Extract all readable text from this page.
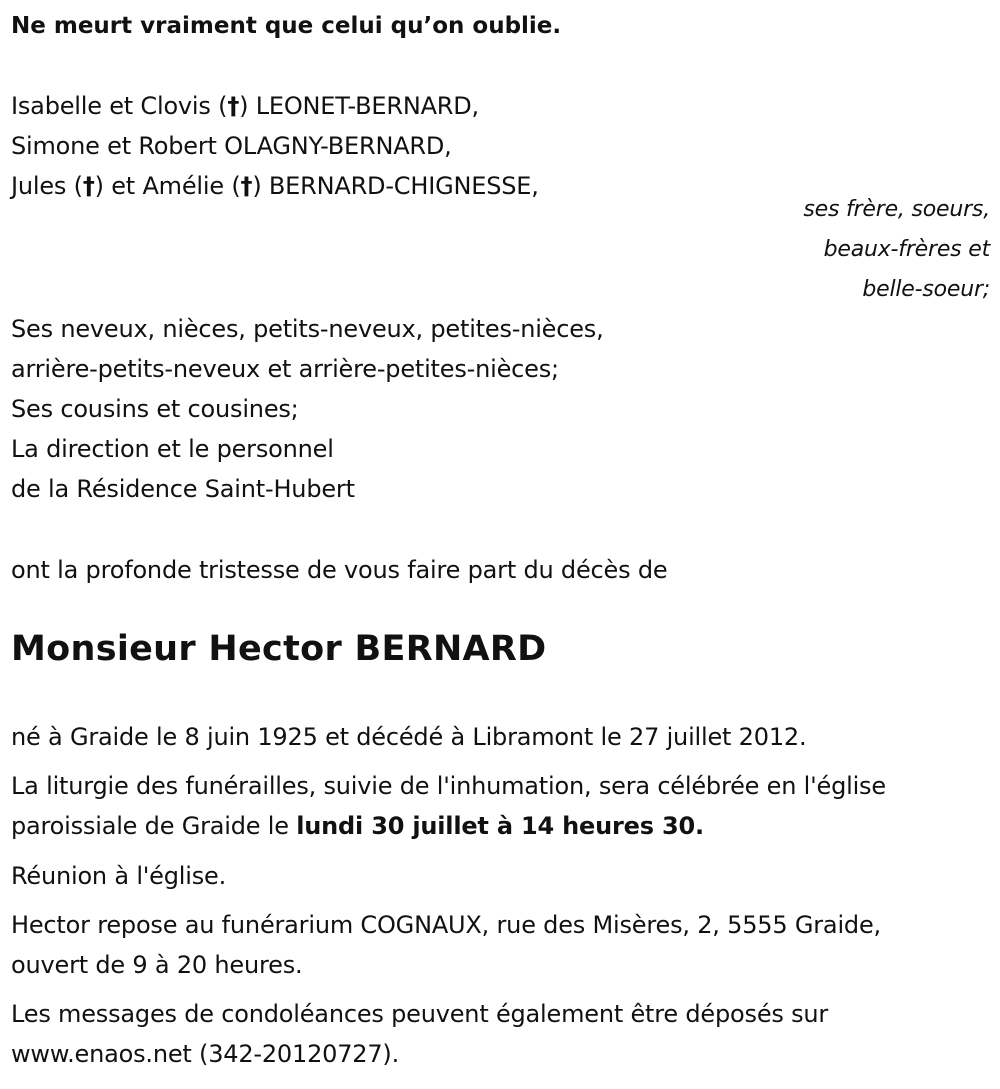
Ne meurt vraiment que celui qu’on oublie.
Isabelle et Clovis (†) LEONET-BERNARD,
Simone et Robert OLAGNY-BERNARD,
Jules (†) et Amélie (†) BERNARD-CHIGNESSE,
ses frère, soeurs,
beaux-frères et
belle-soeur;
Ses neveux, nièces, petits-neveux, petites-nièces,
arrière-petits-neveux et arrière-petites-nièces;
Ses cousins et cousines;
La direction et le personnel
de la Résidence Saint-Hubert
ont la profonde tristesse de vous faire part du décès de
Monsieur Hector BERNARD
né à Graide le 8 juin 1925 et décédé à Libramont le 27 juillet 2012.
La liturgie des funérailles, suivie de l'inhumation, sera célébrée en l'église
paroissiale de Graide le lundi 30 juillet à 14 heures 30.
Réunion à l'église.
Hector repose au funérarium COGNAUX, rue des Misères, 2, 5555 Graide,
ouvert de 9 à 20 heures.
Les messages de condoléances peuvent également être déposés sur
www.enaos.net (342-20120727).
